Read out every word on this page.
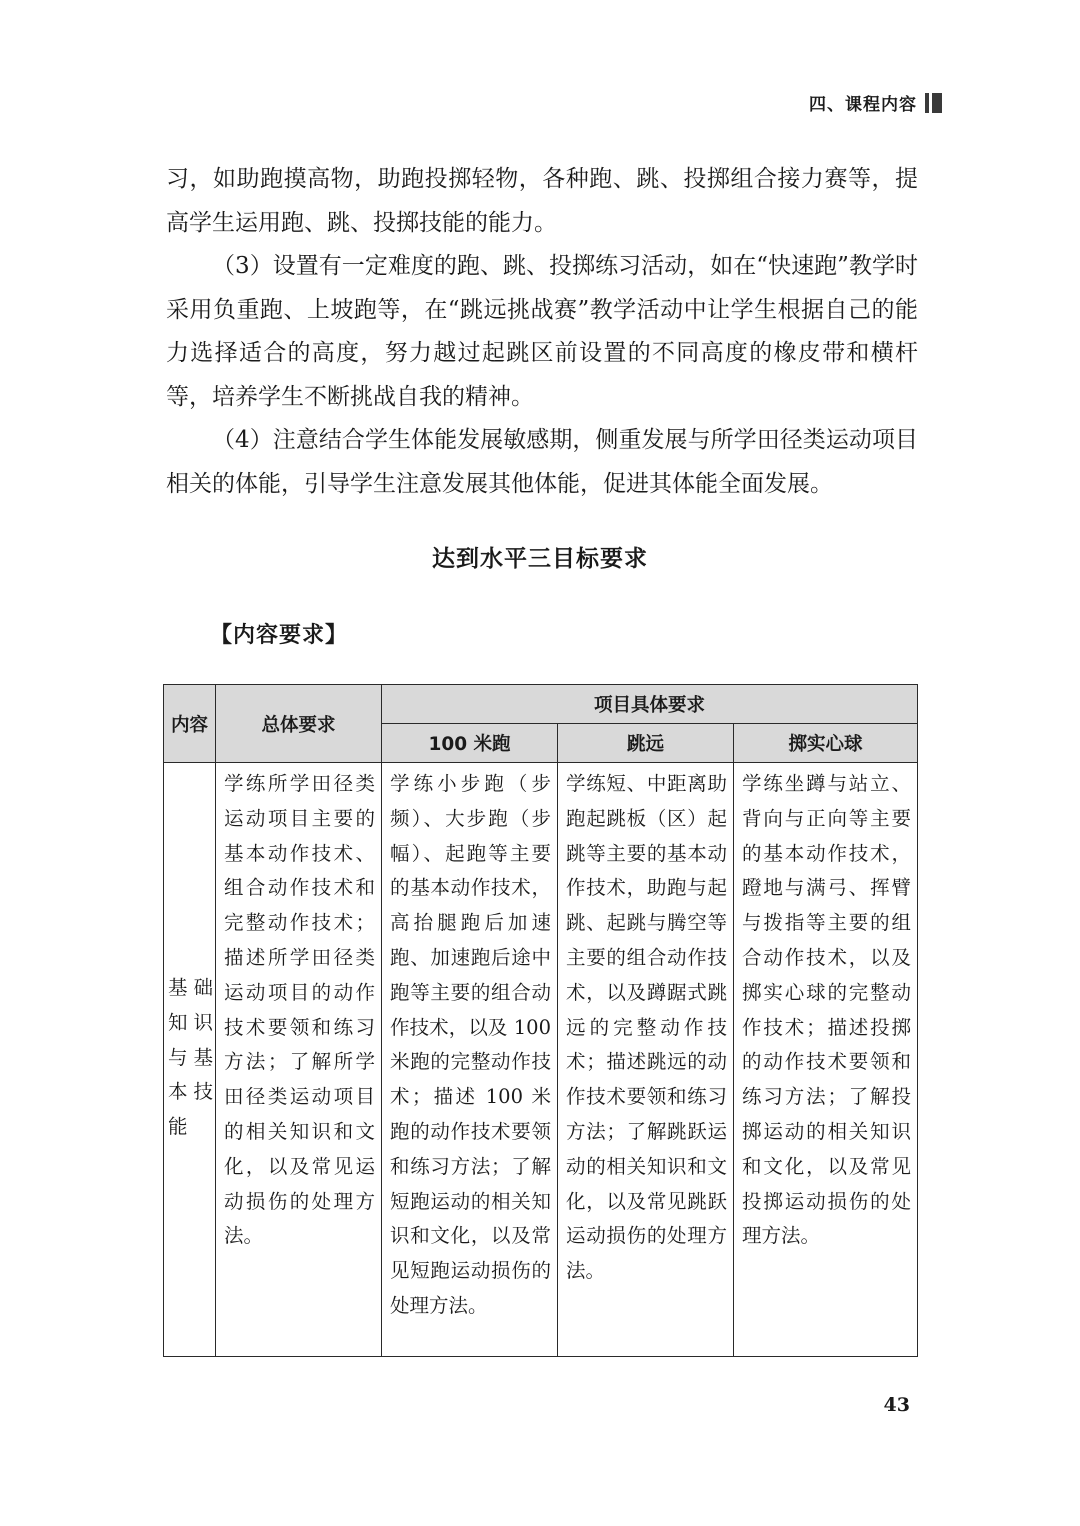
四、课程内容

习，如助跑摸高物，助跑投掷轻物，各种跑、跳、投掷组合接力赛等，提高学生运用跑、跳、投掷技能的能力。

（3）设置有一定难度的跑、跳、投掷练习活动，如在“快速跑”教学时采用负重跑、上坡跑等，在“跳远挑战赛”教学活动中让学生根据自己的能力选择适合的高度，努力越过起跳区前设置的不同高度的橡皮带和横杆等，培养学生不断挑战自我的精神。

（4）注意结合学生体能发展敏感期，侧重发展与所学田径类运动项目相关的体能，引导学生注意发展其他体能，促进其体能全面发展。

达到水平三目标要求
【内容要求】
内容	总体要求	项目具体要求		
		100 米跑	跳远	掷实心球
基础知识与基本技能	学练所学田径类运动项目主要的基本动作技术、组合动作技术和完整动作技术；描述所学田径类运动项目的动作技术要领和练习方法；了解所学田径类运动项目的相关知识和文化，以及常见运动损伤的处理方法。	学练小步跑（步频）、大步跑（步幅）、起跑等主要的基本动作技术，高抬腿跑后加速跑、加速跑后途中跑等主要的组合动作技术，以及 100 米跑的完整动作技术；描述 100 米跑的动作技术要领和练习方法；了解短跑运动的相关知识和文化，以及常见短跑运动损伤的处理方法。	学练短、中距离助跑起跳板（区）起跳等主要的基本动作技术，助跑与起跳、起跳与腾空等主要的组合动作技术，以及蹲踞式跳远的完整动作技术；描述跳远的动作技术要领和练习方法；了解跳跃运动的相关知识和文化，以及常见跳跃运动损伤的处理方法。	学练坐蹲与站立、背向与正向等主要的基本动作技术，蹬地与满弓、挥臂与拨指等主要的组合动作技术，以及掷实心球的完整动作技术；描述投掷的动作技术要领和练习方法；了解投掷运动的相关知识和文化，以及常见投掷运动损伤的处理方法。
43
